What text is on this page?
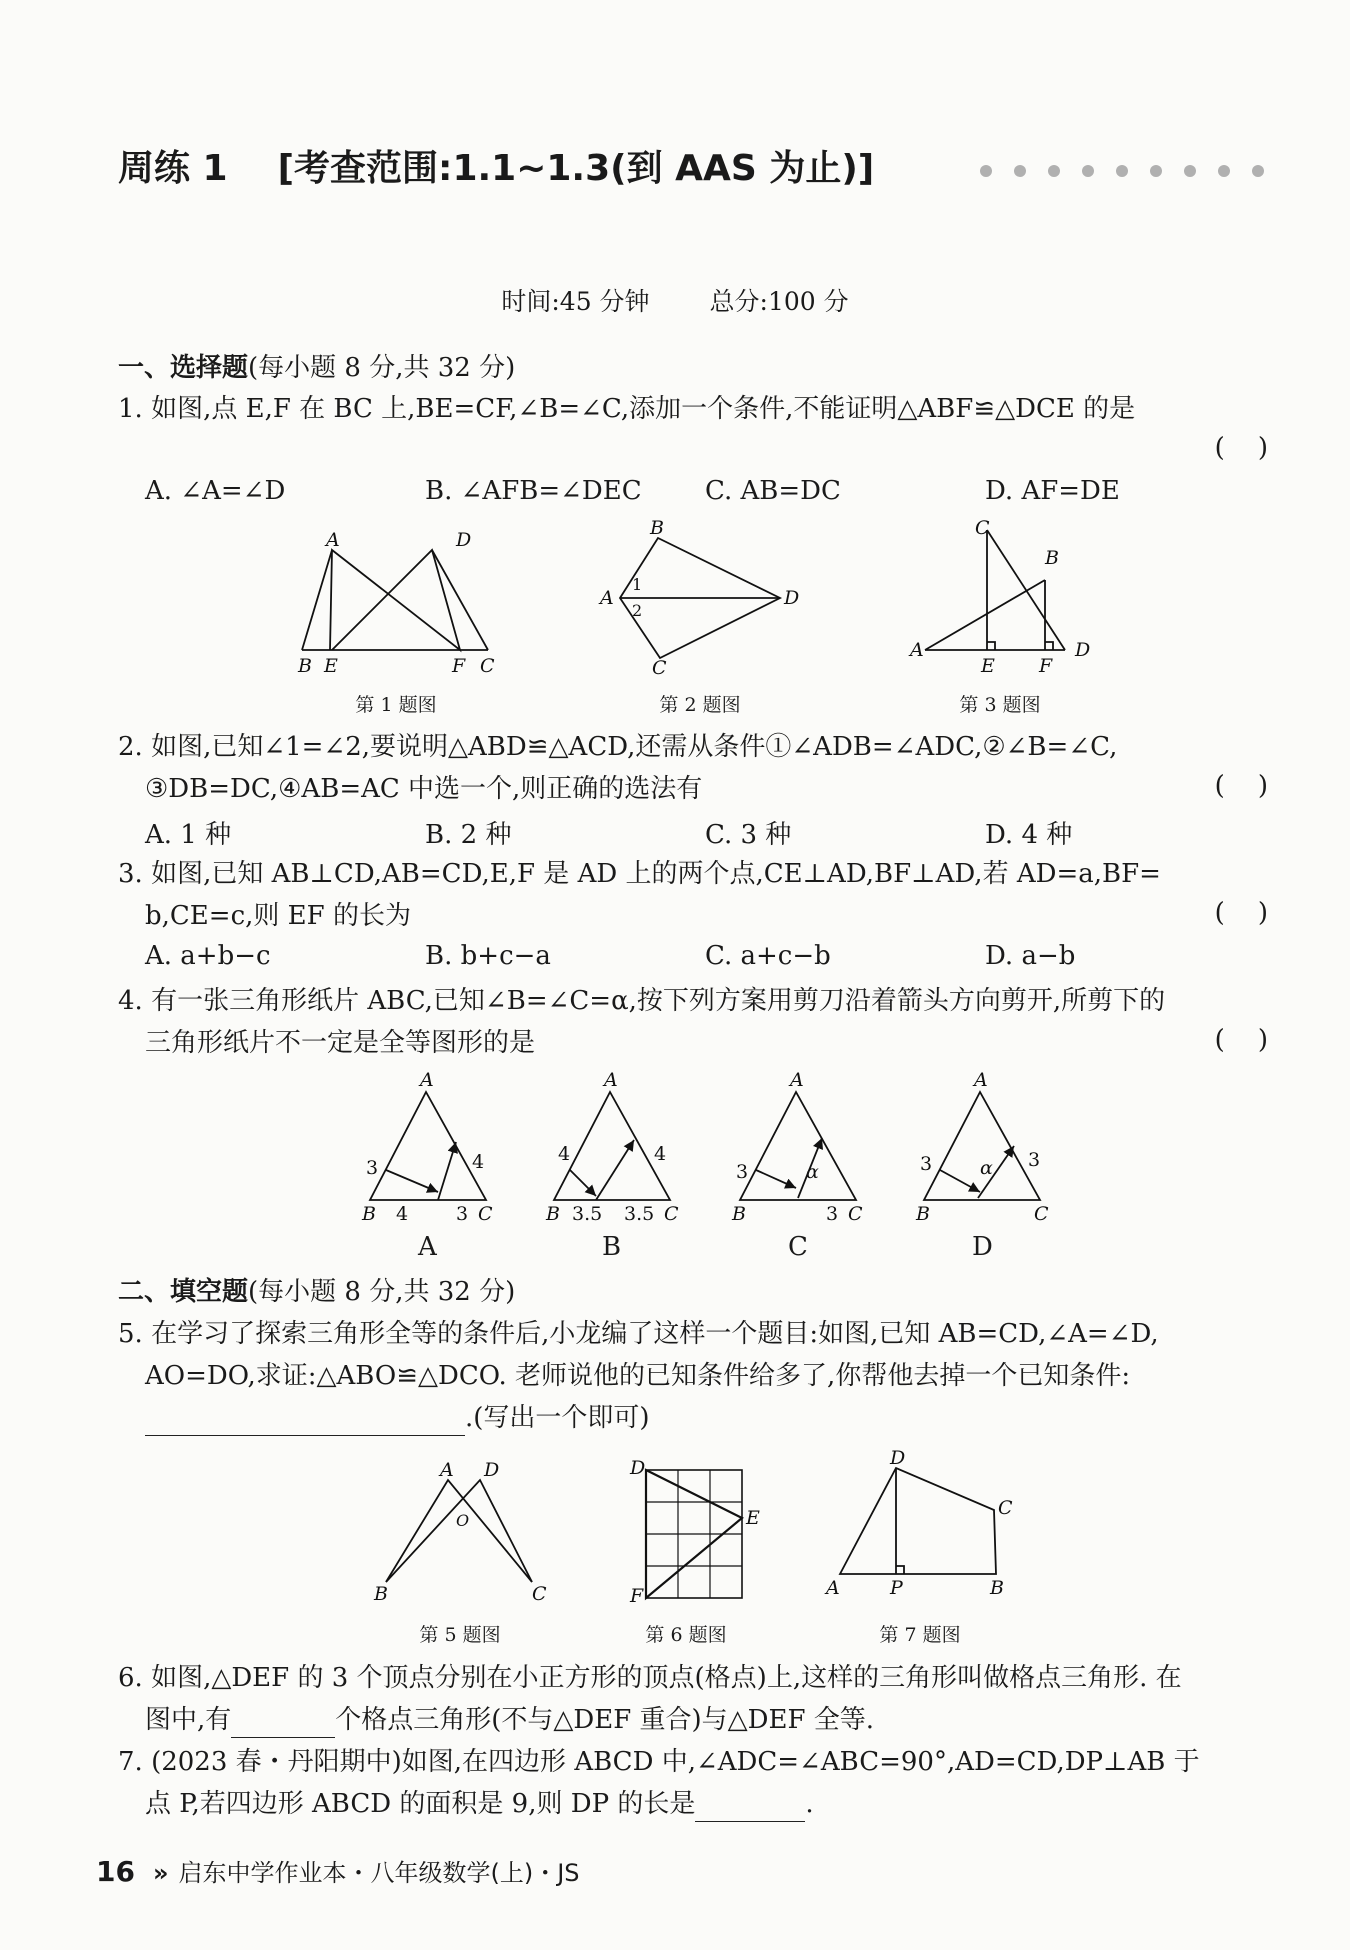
周练 1 [考查范围:1.1~1.3(到 AAS 为止)]
时间:45 分钟 总分:100 分
一、选择题(每小题 8 分,共 32 分)
1. 如图,点 E,F 在 BC 上,BE=CF,∠B=∠C,添加一个条件,不能证明△ABF≌△DCE 的是
(    )
A. ∠A=∠D	B. ∠AFB=∠DEC C. AB=DC	D. AF=DE
A	D
B E	F C
第 1 题图
B
A	D
C
1
2
第 2 题图
C
B
A
E F
D
第 3 题图
2. 如图,已知∠1=∠2,要说明△ABD≌△ACD,还需从条件①∠ADB=∠ADC,②∠B=∠C,
③DB=DC,④AB=AC 中选一个,则正确的选法有	(    )
A. 1 种	B. 2 种	C. 3 种	D. 4 种
3. 如图,已知 AB⊥CD,AB=CD,E,F 是 AD 上的两个点,CE⊥AD,BF⊥AD,若 AD=a,BF=
b,CE=c,则 EF 的长为	(    )
A. a+b−c	B. b+c−a	C. a+c−b	D. a−b
4. 有一张三角形纸片 ABC,已知∠B=∠C=α,按下列方案用剪刀沿着箭头方向剪开,所剪下的
三角形纸片不一定是全等图形的是	(    )
A
B	C
3
4	3
4
A
B	C
4
3.5 3.5
4
A
B	C
3	α
3
A
B	C
3	α 3
A	B	C	D
二、填空题(每小题 8 分,共 32 分)
5. 在学习了探索三角形全等的条件后,小龙编了这样一个题目:如图,已知 AB=CD,∠A=∠D,
AO=DO,求证:△ABO≌△DCO. 老师说他的已知条件给多了,你帮他去掉一个已知条件:
.(写出一个即可)
A D
O
B	C
第 5 题图
D
E
F
第 6 题图
D
C
A	P	B
第 7 题图
6. 如图,△DEF 的 3 个顶点分别在小正方形的顶点(格点)上,这样的三角形叫做格点三角形. 在
图中,有	个格点三角形(不与△DEF 重合)与△DEF 全等.
7. (2023 春・丹阳期中)如图,在四边形 ABCD 中,∠ADC=∠ABC=90°,AD=CD,DP⊥AB 于
点 P,若四边形 ABCD 的面积是 9,则 DP 的长是	.
16 » 启东中学作业本・八年级数学(上)・JS
